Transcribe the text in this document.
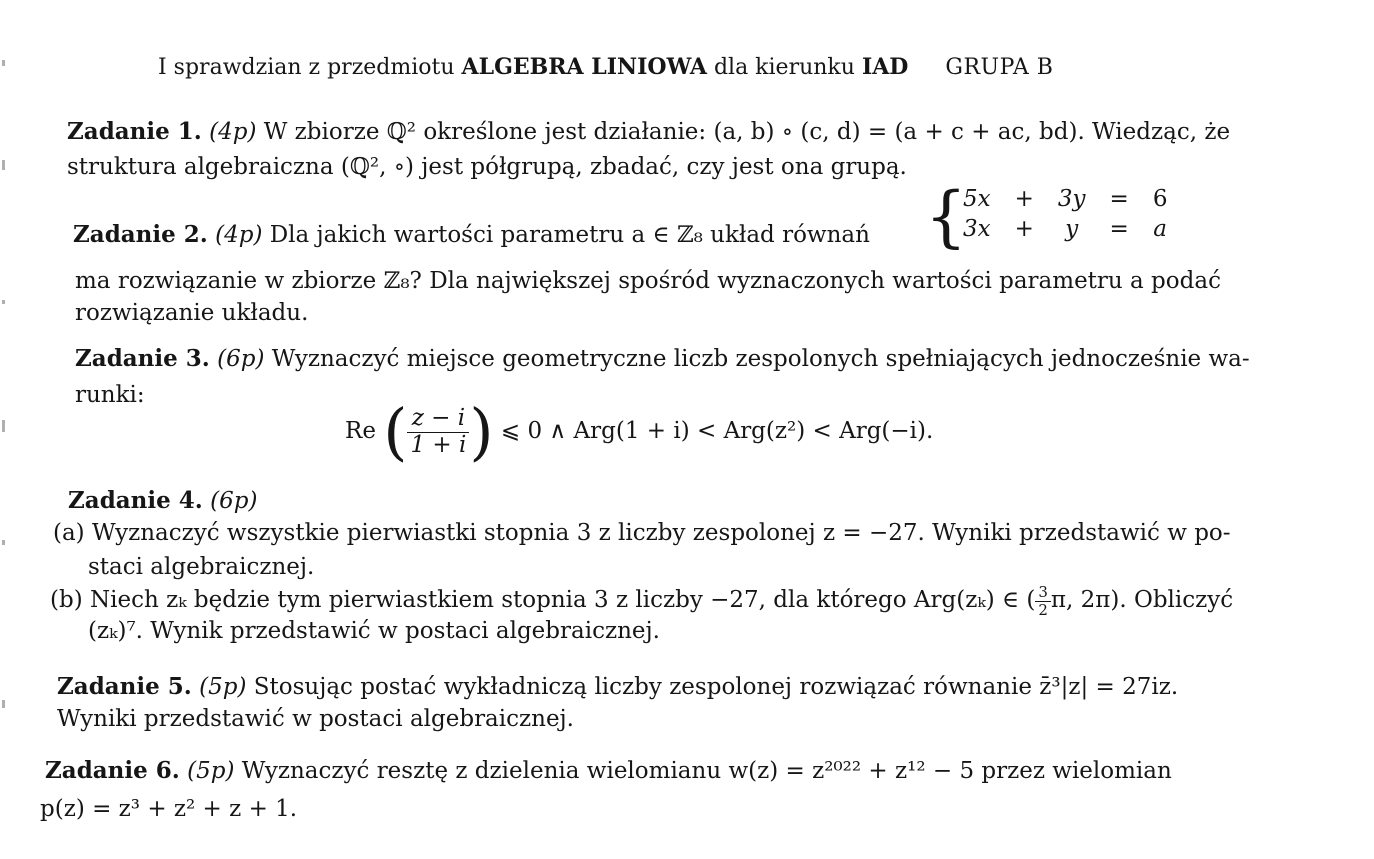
I sprawdzian z przedmiotu ALGEBRA LINIOWA dla kierunku IAD GRUPA B
Zadanie 1. (4p) W zbiorze ℚ² określone jest działanie: (a, b) ∘ (c, d) = (a + c + ac, bd). Wiedząc, że
struktura algebraiczna (ℚ², ∘) jest półgrupą, zbadać, czy jest ona grupą.
Zadanie 2. (4p) Dla jakich wartości parametru a ∈ ℤ₈ układ równań {
5x	+	3y	=	6
3x	+	y	=	a
ma rozwiązanie w zbiorze ℤ₈? Dla największej spośród wyznaczonych wartości parametru a podać
rozwiązanie układu.
Zadanie 3. (6p) Wyznaczyć miejsce geometryczne liczb zespolonych spełniających jednocześnie wa-
runki:
Re ( $\frac{z - i}{1 + i}$ ) ⩽ 0 ∧ Arg(1 + i) < Arg(z²) < Arg(−i).
Zadanie 4. (6p)
(a) Wyznaczyć wszystkie pierwiastki stopnia 3 z liczby zespolonej z = −27. Wyniki przedstawić w po-
staci algebraicznej.
(b) Niech zₖ będzie tym pierwiastkiem stopnia 3 z liczby −27, dla którego Arg(zₖ) ∈ ( $\frac{3}{2} \pi$, 2π). Obliczyć
(zₖ)⁷. Wynik przedstawić w postaci algebraicznej.
Zadanie 5. (5p) Stosując postać wykładniczą liczby zespolonej rozwiązać równanie z̄³|z| = 27iz.
Wyniki przedstawić w postaci algebraicznej.
Zadanie 6. (5p) Wyznaczyć resztę z dzielenia wielomianu w(z) = z²⁰²² + z¹² − 5 przez wielomian
p(z) = z³ + z² + z + 1.
